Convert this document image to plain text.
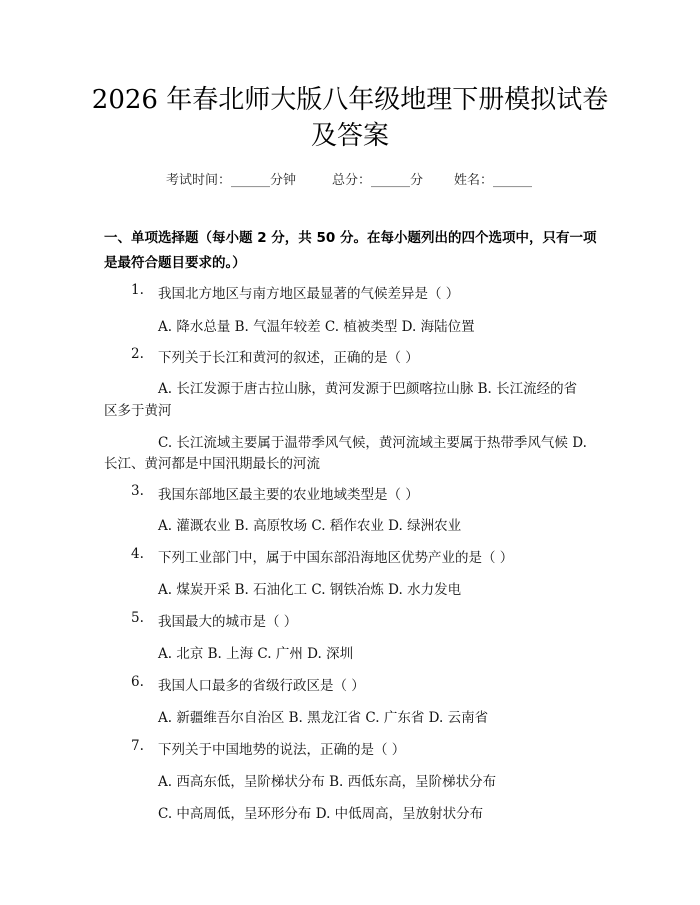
2026 年春北师大版八年级地理下册模拟试卷
及答案
考试时间：______分钟	总分：______分 姓名：______
一、单项选择题（每小题 2 分，共 50 分。在每小题列出的四个选项中，只有一项
是最符合题目要求的。）
1. 我国北方地区与南方地区最显著的气候差异是（ ）
A. 降水总量 B. 气温年较差 C. 植被类型 D. 海陆位置
2. 下列关于长江和黄河的叙述，正确的是（ ）
A. 长江发源于唐古拉山脉，黄河发源于巴颜喀拉山脉 B. 长江流经的省
区多于黄河
C. 长江流域主要属于温带季风气候，黄河流域主要属于热带季风气候 D.
长江、黄河都是中国汛期最长的河流
3. 我国东部地区最主要的农业地域类型是（ ）
A. 灌溉农业 B. 高原牧场 C. 稻作农业 D. 绿洲农业
4. 下列工业部门中，属于中国东部沿海地区优势产业的是（ ）
A. 煤炭开采 B. 石油化工 C. 钢铁冶炼 D. 水力发电
5. 我国最大的城市是（ ）
A. 北京 B. 上海 C. 广州 D. 深圳
6. 我国人口最多的省级行政区是（ ）
A. 新疆维吾尔自治区 B. 黑龙江省 C. 广东省 D. 云南省
7. 下列关于中国地势的说法，正确的是（ ）
A. 西高东低，呈阶梯状分布 B. 西低东高，呈阶梯状分布
C. 中高周低，呈环形分布 D. 中低周高，呈放射状分布
